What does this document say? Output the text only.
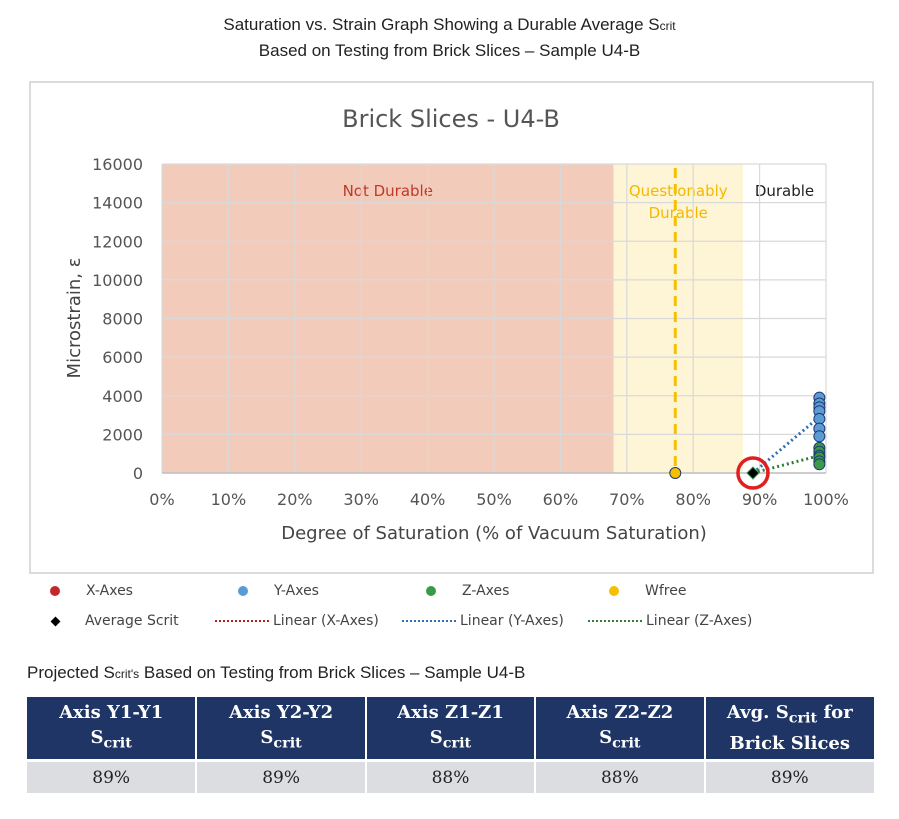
Saturation vs. Strain Graph Showing a Durable Average Scrit
Based on Testing from Brick Slices – Sample U4-B
Brick Slices - U4-B
Not Durable	Questionably
Durable
Durable
0
2000
4000
6000
8000
10000
12000
14000
16000
0% 10% 20% 30% 40% 50% 60% 70% 80% 90% 100%
Degree of Saturation (% of Vacuum Saturation)
Microstrain, ε
X-Axes	Y-Axes	Z-Axes	Wfree
Average Scrit	Linear (X-Axes)	Linear (Y-Axes)	Linear (Z-Axes)
Projected Scrit's Based on Testing from Brick Slices – Sample U4-B
Axis Y1-Y1
$S_{crit}$	Axis Y2-Y2
$S_{crit}$	Axis Z1-Z1
$S_{crit}$	Axis Z2-Z2
$S_{crit}$	Avg. $S_{crit}$ for
Brick Slices
89%	89%	88%	88%	89%
